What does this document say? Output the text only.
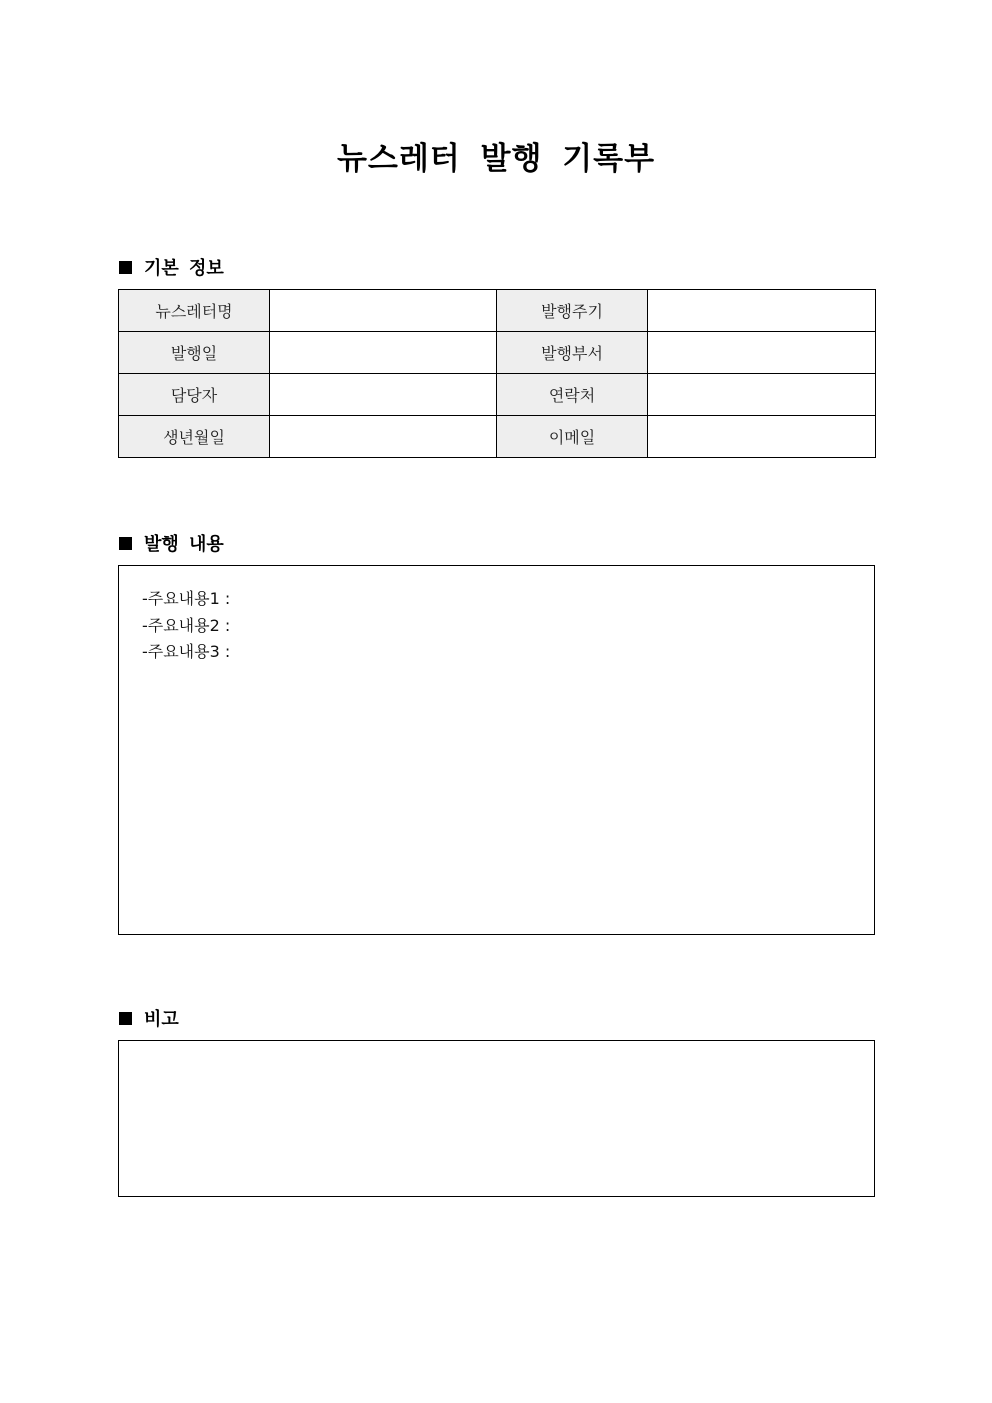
뉴스레터 발행 기록부
기본 정보
뉴스레터명		발행주기	
발행일		발행부서	
담당자		연락처	
생년월일		이메일	
발행 내용
-주요내용1 :
-주요내용2 :
-주요내용3 :
비고
